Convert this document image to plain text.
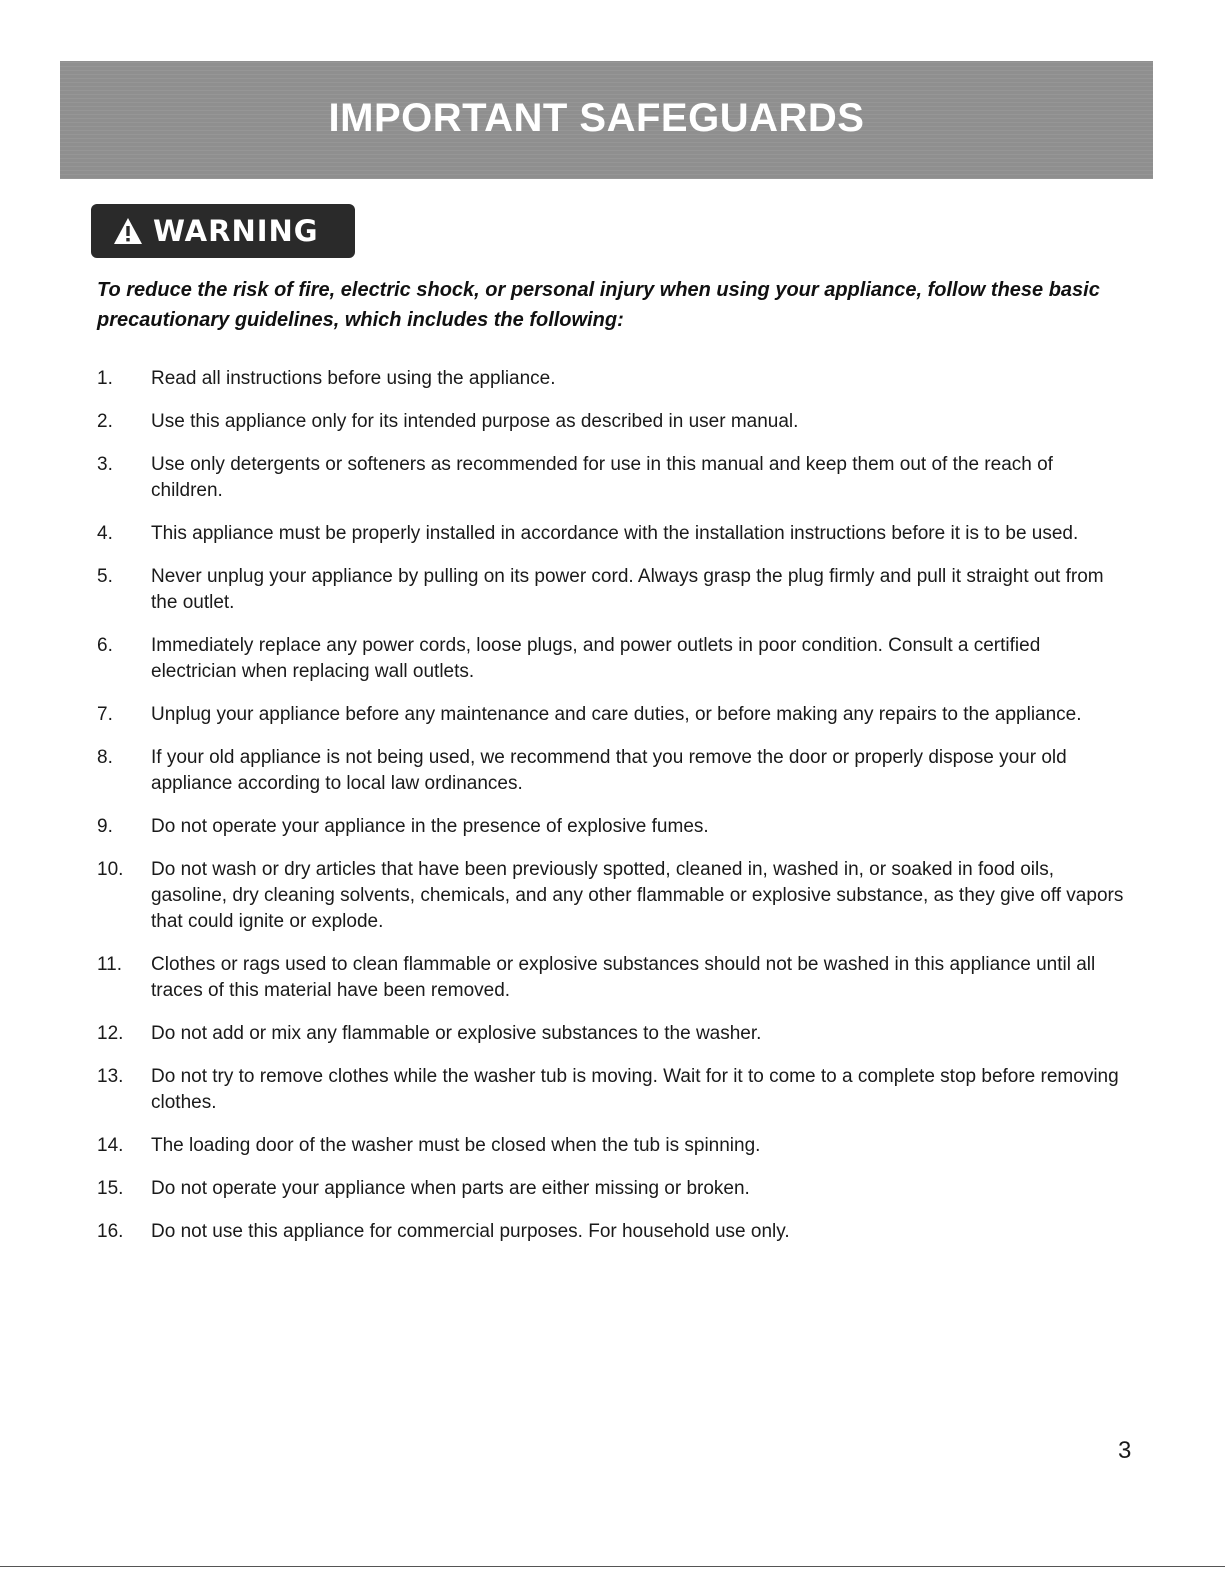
IMPORTANT SAFEGUARDS
WARNING

To reduce the risk of fire, electric shock, or personal injury when using your appliance, follow these basic precautionary guidelines, which includes the following:

1.	Read all instructions before using the appliance.
2.	Use this appliance only for its intended purpose as described in user manual.
3.	Use only detergents or softeners as recommended for use in this manual and keep them out of the reach of children.
4.	This appliance must be properly installed in accordance with the installation instructions before it is to be used.
5.	Never unplug your appliance by pulling on its power cord. Always grasp the plug firmly and pull it straight out from the outlet.
6.	Immediately replace any power cords, loose plugs, and power outlets in poor condition. Consult a certified electrician when replacing wall outlets.
7.	Unplug your appliance before any maintenance and care duties, or before making any repairs to the appliance.
8.	If your old appliance is not being used, we recommend that you remove the door or properly dispose your old appliance according to local law ordinances.
9.	Do not operate your appliance in the presence of explosive fumes.
10.	Do not wash or dry articles that have been previously spotted, cleaned in, washed in, or soaked in food oils, gasoline, dry cleaning solvents, chemicals, and any other flammable or explosive substance, as they give off vapors that could ignite or explode.
11.	Clothes or rags used to clean flammable or explosive substances should not be washed in this appliance until all traces of this material have been removed.
12.	Do not add or mix any flammable or explosive substances to the washer.
13.	Do not try to remove clothes while the washer tub is moving. Wait for it to come to a complete stop before removing clothes.
14.	The loading door of the washer must be closed when the tub is spinning.
15.	Do not operate your appliance when parts are either missing or broken.
16.	Do not use this appliance for commercial purposes. For household use only.
3
